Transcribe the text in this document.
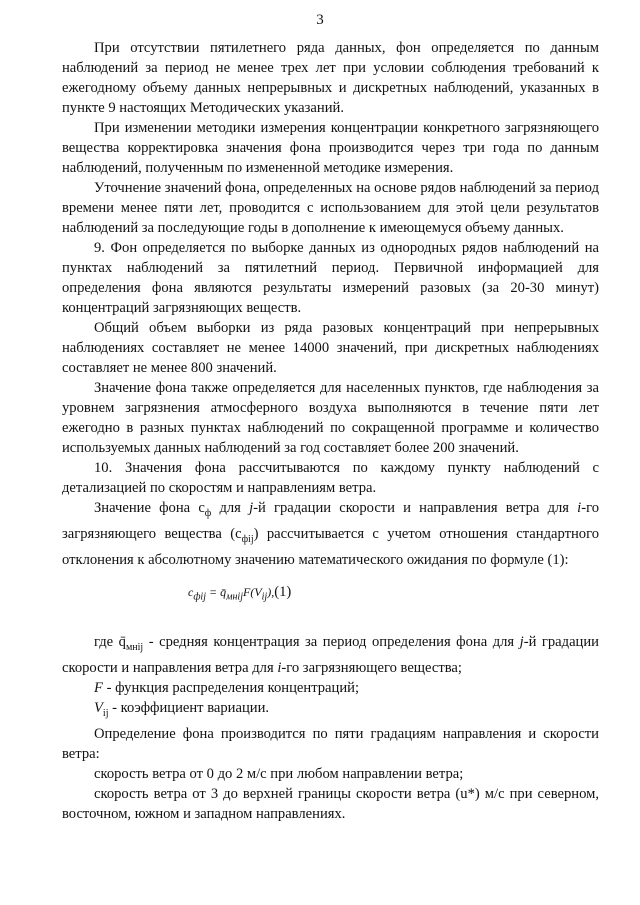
3

При отсутствии пятилетнего ряда данных, фон определяется по данным наблюдений за период не менее трех лет при условии соблюдения требований к ежегодному объему данных непрерывных и дискретных наблюдений, указанных в пункте 9 настоящих Методических указаний.

При изменении методики измерения концентрации конкретного загрязняющего вещества корректировка значения фона производится через три года по данным наблюдений, полученным по измененной методике измерения.

Уточнение значений фона, определенных на основе рядов наблюдений за период времени менее пяти лет, проводится с использованием для этой цели результатов наблюдений за последующие годы в дополнение к имеющемуся объему данных.

9. Фон определяется по выборке данных из однородных рядов наблюдений на пунктах наблюдений за пятилетний период. Первичной информацией для определения фона являются результаты измерений разовых (за 20-30 минут) концентраций загрязняющих веществ.

Общий объем выборки из ряда разовых концентраций при непрерывных наблюдениях составляет не менее 14000 значений, при дискретных наблюдениях составляет не менее 800 значений.

Значение фона также определяется для населенных пунктов, где наблюдения за уровнем загрязнения атмосферного воздуха выполняются в течение пяти лет ежегодно в разных пунктах наблюдений по сокращенной программе и количество используемых данных наблюдений за год составляет более 200 значений.

10. Значения фона рассчитываются по каждому пункту наблюдений с детализацией по скоростям и направлениям ветра.

Значение фона $с_ф$ для j-й градации скорости и направления ветра для i-го загрязняющего вещества $(с_{фij})$ рассчитывается с учетом отношения стандартного отклонения к абсолютному значению математического ожидания по формуле (1):

$c_{фij}$ = $q̄_{мнij}F(V_{ij}),(1)$

где $q̄_{мнij}$ - средняя концентрация за период определения фона для j-й градации скорости и направления ветра для i-го загрязняющего вещества;

F - функция распределения концентраций;

$V_{ij}$ - коэффициент вариации.

Определение фона производится по пяти градациям направления и скорости ветра:

скорость ветра от 0 до 2 м/с при любом направлении ветра;

скорость ветра от 3 до верхней границы скорости ветра (u*) м/с при северном, восточном, южном и западном направлениях.
